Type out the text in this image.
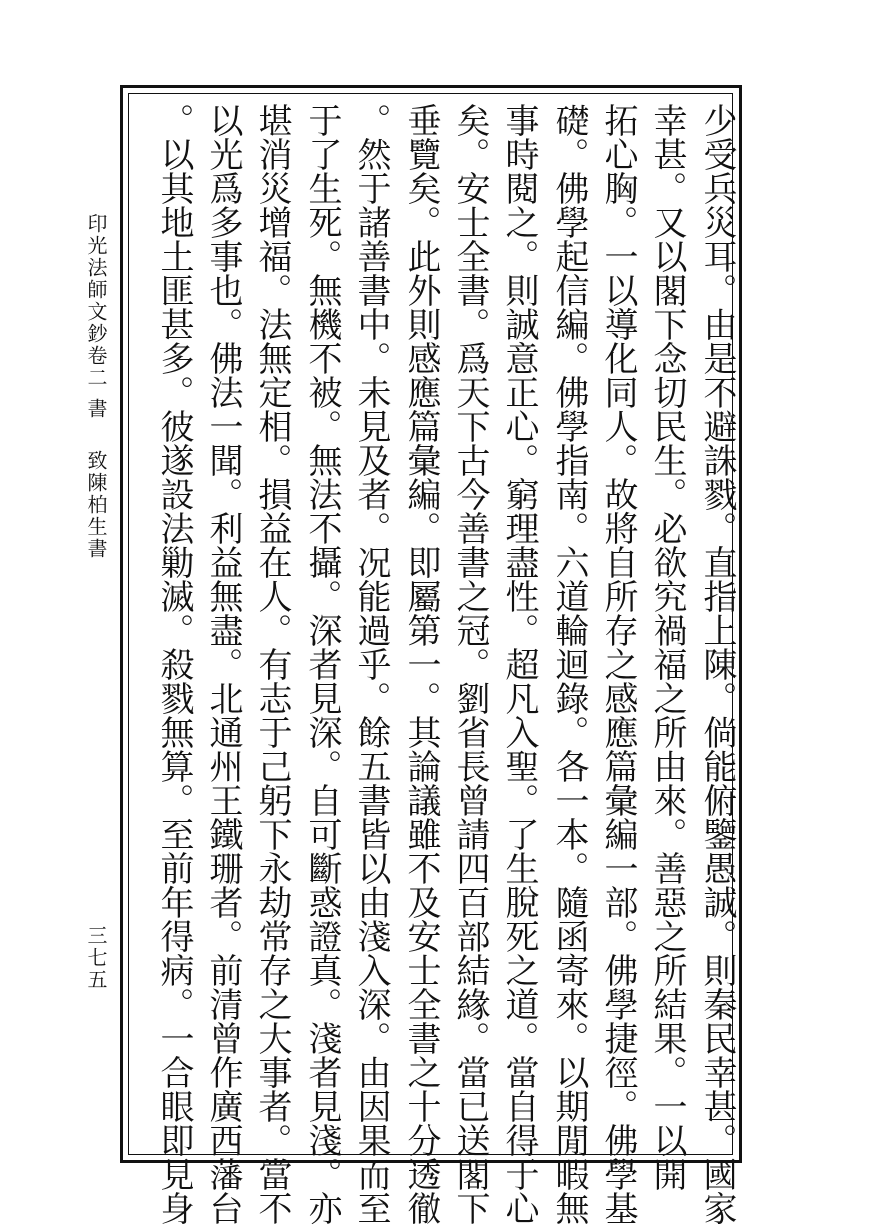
印光法師文鈔卷二
書
致陳柏生書
三七五	少受兵災耳。由是不避誅戮。直指上陳。倘能俯鑒愚誠。則秦民幸甚。國家
幸甚。又以閣下念切民生。必欲究禍福之所由來。善惡之所結果。一以開
拓心胸。一以導化同人。故將自所存之感應篇彙編一部。佛學捷徑。佛學基
礎。佛學起信編。佛學指南。六道輪迴錄。各一本。隨函寄來。以期閒暇無
事時閱之。則誠意正心。窮理盡性。超凡入聖。了生脫死之道。當自得于心
矣。安士全書。爲天下古今善書之冠。劉省長曾請四百部結緣。當已送閣下
垂覽矣。此外則感應篇彙編。即屬第一。其論議雖不及安士全書之十分透徹
。然于諸善書中。未見及者。况能過乎。餘五書皆以由淺入深。由因果而至
于了生死。無機不被。無法不攝。深者見深。自可斷惑證真。淺者見淺。亦
堪消災增福。法無定相。損益在人。有志于己躬下永劫常存之大事者。當不
以光爲多事也。佛法一聞。利益無盡。北通州王鐵珊者。前清曾作廣西藩台
。以其地土匪甚多。彼遂設法勦滅。殺戮無算。至前年得病。一合眼即見身
